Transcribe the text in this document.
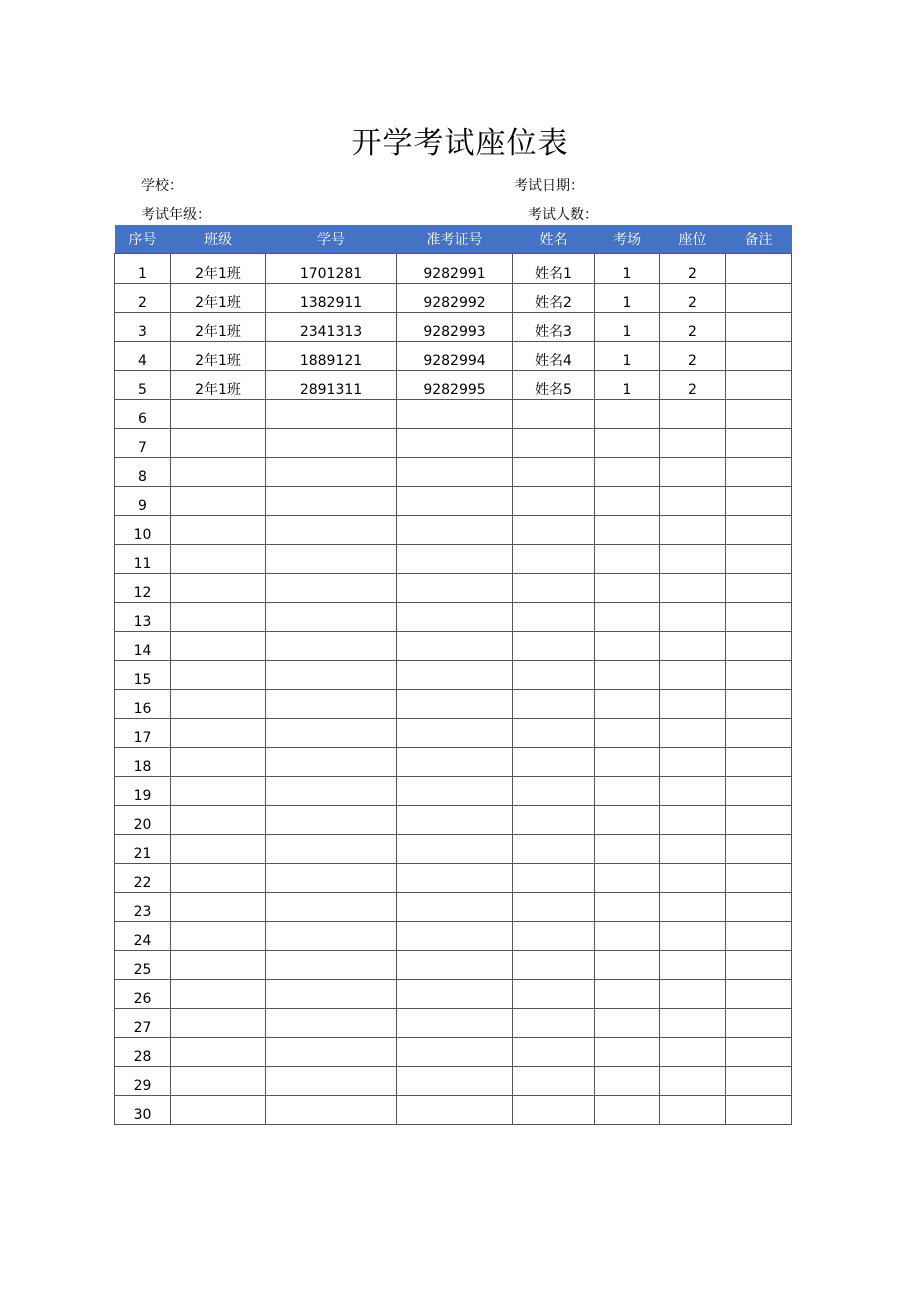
开学考试座位表
学校：	考试日期：
考试年级：	考试人数：
序号	班级	学号	准考证号	姓名	考场	座位	备注

1	2年1班	1701281	9282991	姓名1	1	2	

2	2年1班	1382911	9282992	姓名2	1	2	

3	2年1班	2341313	9282993	姓名3	1	2	

4	2年1班	1889121	9282994	姓名4	1	2	

5	2年1班	2891311	9282995	姓名5	1	2	

6							

7							

8							

9							

10							

11							

12							

13							

14							

15							

16							

17							

18							

19							

20							

21							

22							

23							

24							

25							

26							

27							

28							

29							

30							
